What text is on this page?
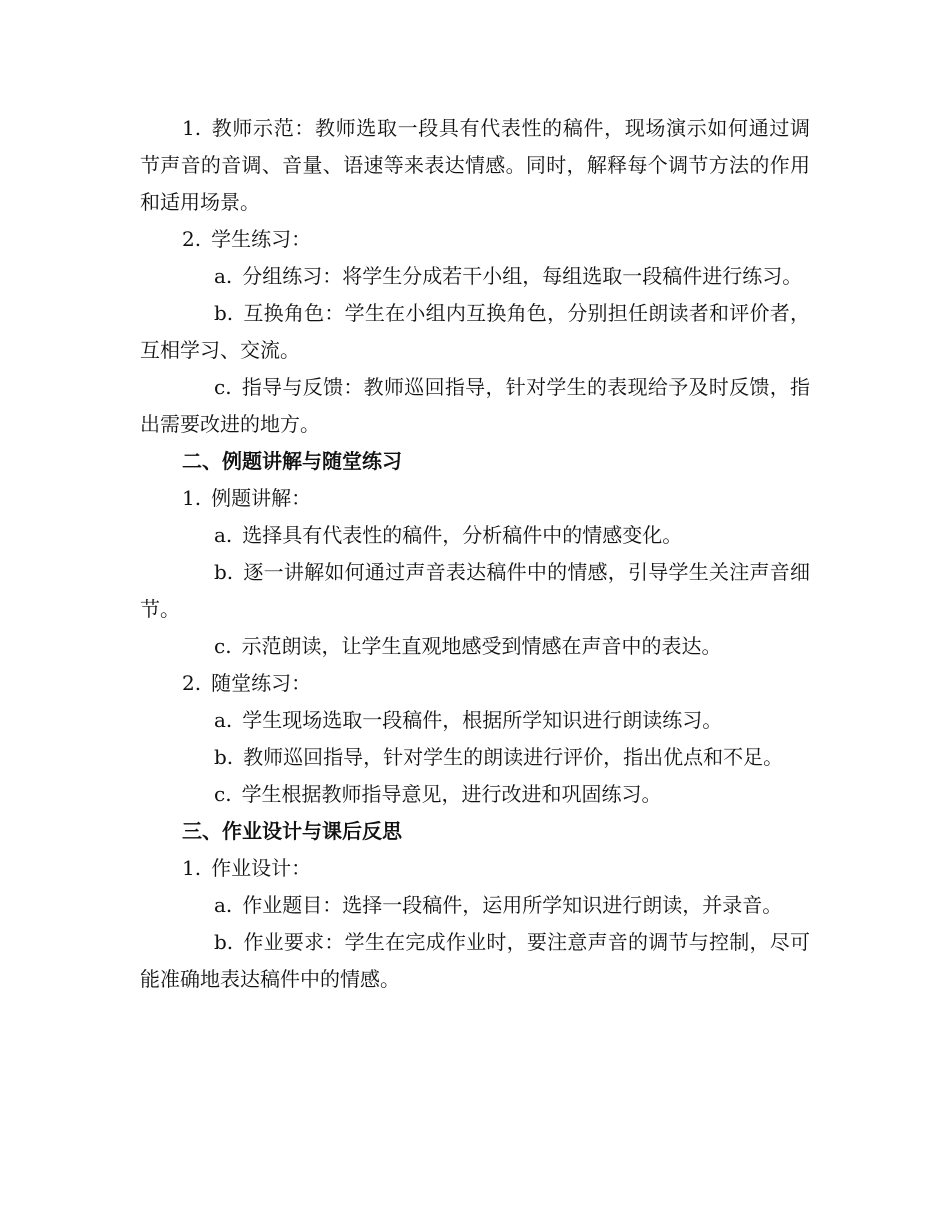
1. 教师示范：教师选取一段具有代表性的稿件，现场演示如何通过调节声音的音调、音量、语速等来表达情感。同时，解释每个调节方法的作用和适用场景。

2. 学生练习：

a. 分组练习：将学生分成若干小组，每组选取一段稿件进行练习。

b. 互换角色：学生在小组内互换角色，分别担任朗读者和评价者，互相学习、交流。

c. 指导与反馈：教师巡回指导，针对学生的表现给予及时反馈，指出需要改进的地方。

二、例题讲解与随堂练习

1. 例题讲解：

a. 选择具有代表性的稿件，分析稿件中的情感变化。

b. 逐一讲解如何通过声音表达稿件中的情感，引导学生关注声音细节。

c. 示范朗读，让学生直观地感受到情感在声音中的表达。

2. 随堂练习：

a. 学生现场选取一段稿件，根据所学知识进行朗读练习。

b. 教师巡回指导，针对学生的朗读进行评价，指出优点和不足。

c. 学生根据教师指导意见，进行改进和巩固练习。

三、作业设计与课后反思

1. 作业设计：

a. 作业题目：选择一段稿件，运用所学知识进行朗读，并录音。

b. 作业要求：学生在完成作业时，要注意声音的调节与控制，尽可能准确地表达稿件中的情感。
